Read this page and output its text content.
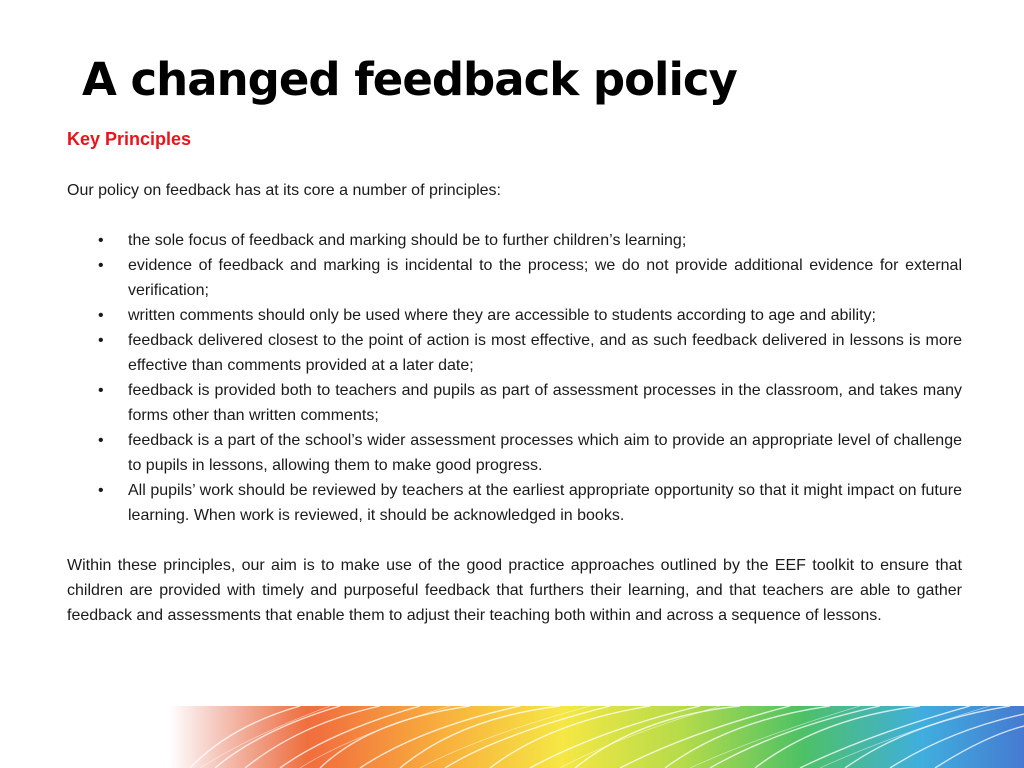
A changed feedback policy
Key Principles

Our policy on feedback has at its core a number of principles:

• the sole focus of feedback and marking should be to further children’s learning;
• evidence of feedback and marking is incidental to the process; we do not provide additional evidence for external verification;
• written comments should only be used where they are accessible to students according to age and ability;
• feedback delivered closest to the point of action is most effective, and as such feedback delivered in lessons is more effective than comments provided at a later date;
• feedback is provided both to teachers and pupils as part of assessment processes in the classroom, and takes many forms other than written comments;
• feedback is a part of the school’s wider assessment processes which aim to provide an appropriate level of challenge to pupils in lessons, allowing them to make good progress.
• All pupils’ work should be reviewed by teachers at the earliest appropriate opportunity so that it might impact on future learning. When work is reviewed, it should be acknowledged in books.

Within these principles, our aim is to make use of the good practice approaches outlined by the EEF toolkit to ensure that children are provided with timely and purposeful feedback that furthers their learning, and that teachers are able to gather feedback and assessments that enable them to adjust their teaching both within and across a sequence of lessons.
